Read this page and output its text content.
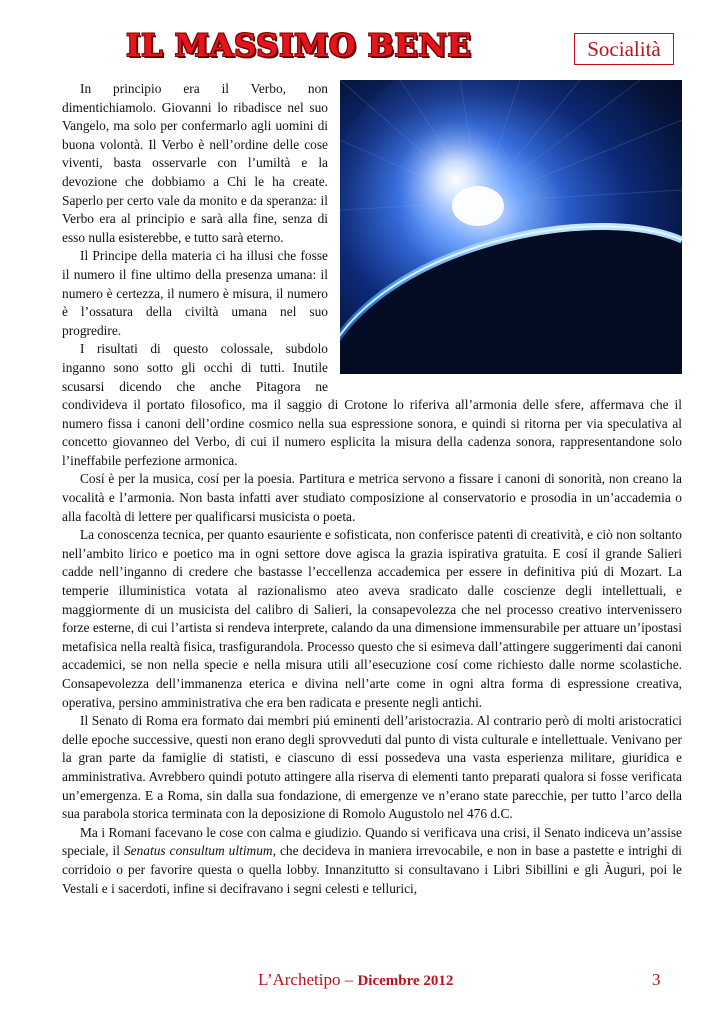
IL MASSIMO BENE	Socialità

In principio era il Verbo, non dimentichiamolo. Giovanni lo ribadisce nel suo Vangelo, ma solo per confermarlo agli uomini di buona volontà. Il Verbo è nell’ordine delle cose viventi, basta osservarle con l’umiltà e la devozione che dobbiamo a Chi le ha create. Saperlo per certo vale da monito e da speranza: il Verbo era al principio e sarà alla fine, senza di esso nulla esisterebbe, e tutto sarà eterno.

Il Principe della materia ci ha illusi che fosse il numero il fine ultimo della presenza umana: il numero è certezza, il numero è misura, il numero è l’ossatura della civiltà umana nel suo progredire.

I risultati di questo colossale, subdolo inganno sono sotto gli occhi di tutti. Inutile scusarsi dicendo che anche Pitagora ne condivideva il portato filosofico, ma il saggio di Crotone lo riferiva all’armonia delle sfere, affermava che il numero fissa i canoni dell’ordine cosmico nella sua espressione sonora, e quindi si ritorna per via speculativa al concetto giovanneo del Verbo, di cui il numero esplicita la misura della cadenza sonora, rappresentandone solo l’ineffabile perfezione armonica.

Cosí è per la musica, cosí per la poesia. Partitura e metrica servono a fissare i canoni di sonorità, non creano la vocalità e l’armonia. Non basta infatti aver studiato composizione al conservatorio e prosodia in un’accademia o alla facoltà di lettere per qualificarsi musicista o poeta.

La conoscenza tecnica, per quanto esauriente e sofisticata, non conferisce patenti di creatività, e ciò non soltanto nell’ambito lirico e poetico ma in ogni settore dove agisca la grazia ispirativa gratuita. E cosí il grande Salieri cadde nell’inganno di credere che bastasse l’eccellenza accademica per essere in definitiva piú di Mozart. La temperie illuministica votata al razionalismo ateo aveva sradicato dalle coscienze degli intellettuali, e maggiormente di un musicista del calibro di Salieri, la consapevolezza che nel processo creativo intervenissero forze esterne, di cui l’artista si rendeva interprete, calando da una dimensione immensurabile per attuare un’ipostasi metafisica nella realtà fisica, trasfigurandola. Processo questo che si esimeva dall’attingere suggerimenti dai canoni accademici, se non nella specie e nella misura utili all’esecuzione cosí come richiesto dalle norme scolastiche. Consapevolezza dell’immanenza eterica e divina nell’arte come in ogni altra forma di espressione creativa, operativa, persino amministrativa che era ben radicata e presente negli antichi.

Il Senato di Roma era formato dai membri piú eminenti dell’aristocrazia. Al contrario però di molti aristocratici delle epoche successive, questi non erano degli sprovveduti dal punto di vista culturale e intellettuale. Venivano per la gran parte da famiglie di statisti, e ciascuno di essi possedeva una vasta esperienza militare, giuridica e amministrativa. Avrebbero quindi potuto attingere alla riserva di elementi tanto preparati qualora si fosse verificata un’emergenza. E a Roma, sin dalla sua fondazione, di emergenze ve n’erano state parecchie, per tutto l’arco della sua parabola storica terminata con la deposizione di Romolo Augustolo nel 476 d.C.

Ma i Romani facevano le cose con calma e giudizio. Quando si verificava una crisi, il Senato indiceva un’assise speciale, il Senatus consultum ultimum, che decideva in maniera irrevocabile, e non in base a pastette e intrighi di corridoio o per favorire questa o quella lobby. Innanzitutto si consultavano i Libri Sibillini e gli Àuguri, poi le Vestali e i sacerdoti, infine si decifravano i segni celesti e tellurici,

L’Archetipo – Dicembre 2012	3
